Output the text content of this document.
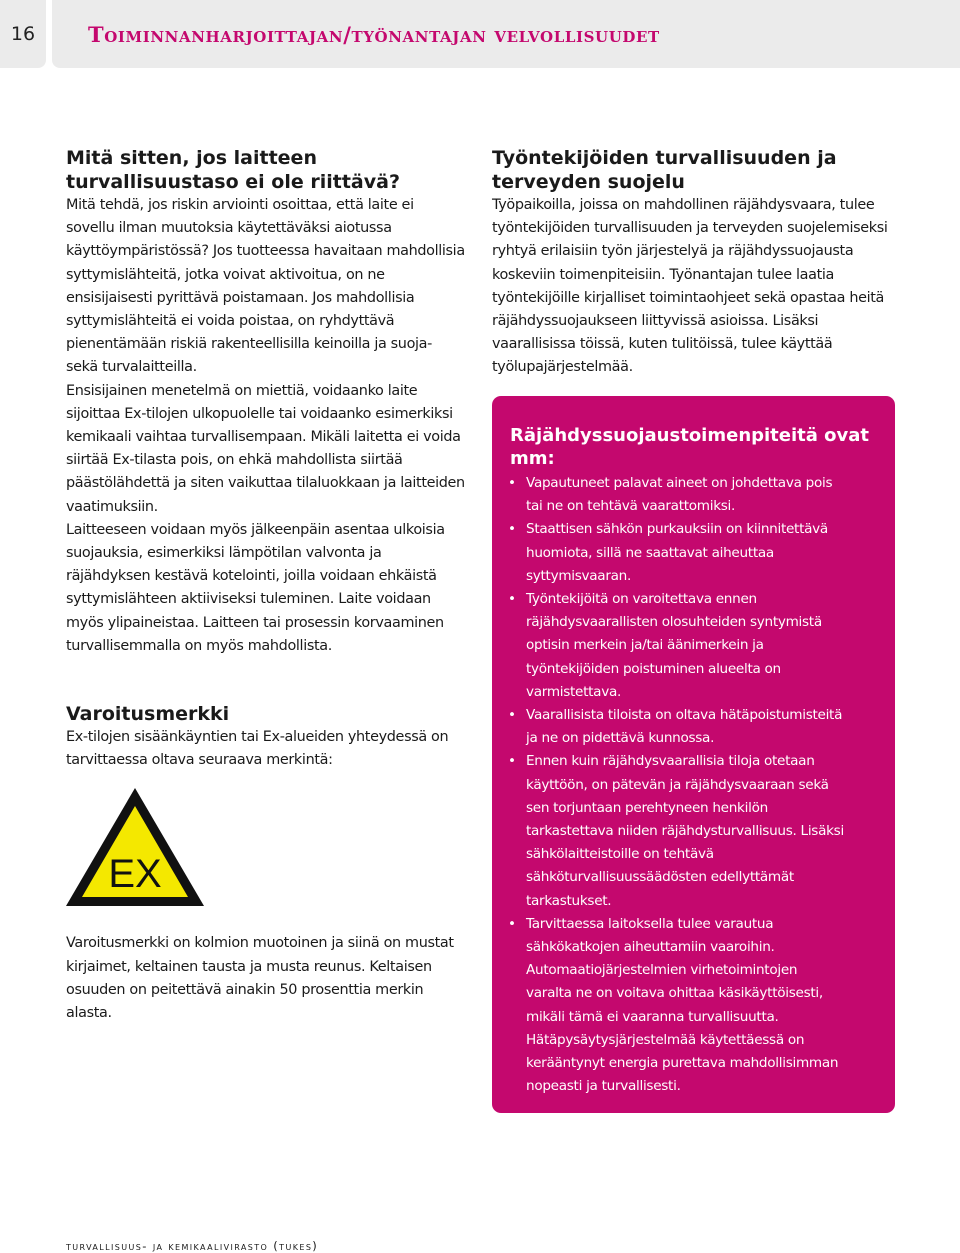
16	Toiminnanharjoittajan/työnantajan velvollisuudet
Mitä sitten, jos laitteen turvallisuustaso ei ole riittävä?

Mitä tehdä, jos riskin arviointi osoittaa, että laite ei sovellu ilman muutoksia käytettäväksi aiotussa käyttöympäristössä? Jos tuotteessa havaitaan mahdollisia syttymislähteitä, jotka voivat aktivoitua, on ne ensisijaisesti pyrittävä poistamaan. Jos mahdollisia syttymislähteitä ei voida poistaa, on ryhdyttävä pienentämään riskiä rakenteellisilla keinoilla ja suoja- sekä turvalaitteilla.

Ensisijainen menetelmä on miettiä, voidaanko laite sijoittaa Ex-tilojen ulkopuolelle tai voidaanko esimerkiksi kemikaali vaihtaa turvallisempaan. Mikäli laitetta ei voida siirtää Ex-tilasta pois, on ehkä mahdollista siirtää päästölähdettä ja siten vaikuttaa tilaluokkaan ja laitteiden vaatimuksiin.

Laitteeseen voidaan myös jälkeenpäin asentaa ulkoisia suojauksia, esimerkiksi lämpötilan valvonta ja räjähdyksen kestävä kotelointi, joilla voidaan ehkäistä syttymislähteen aktiiviseksi tuleminen. Laite voidaan myös ylipaineistaa. Laitteen tai prosessin korvaaminen turvallisemmalla on myös mahdollista.

Varoitusmerkki

Ex-tilojen sisäänkäyntien tai Ex-alueiden yhteydessä on tarvittaessa oltava seuraava merkintä:

EX

Varoitusmerkki on kolmion muotoinen ja siinä on mustat kirjaimet, keltainen tausta ja musta reunus. Keltaisen osuuden on peitettävä ainakin 50 prosenttia merkin alasta.

Työntekijöiden turvallisuuden ja terveyden suojelu

Työpaikoilla, joissa on mahdollinen räjähdysvaara, tulee työntekijöiden turvallisuuden ja terveyden suojelemiseksi ryhtyä erilaisiin työn järjestelyä ja räjähdyssuojausta koskeviin toimenpiteisiin. Työnantajan tulee laatia työntekijöille kirjalliset toimintaohjeet sekä opastaa heitä räjähdyssuojaukseen liittyvissä asioissa. Lisäksi vaarallisissa töissä, kuten tulitöissä, tulee käyttää työlupajärjestelmää.

Räjähdyssuojaustoimenpiteitä ovat mm:
• Vapautuneet palavat aineet on johdettava pois tai ne on tehtävä vaarattomiksi.
• Staattisen sähkön purkauksiin on kiinnitettävä huomiota, sillä ne saattavat aiheuttaa syttymisvaaran.
• Työntekijöitä on varoitettava ennen räjähdysvaarallisten olosuhteiden syntymistä optisin merkein ja/tai äänimerkein ja työntekijöiden poistuminen alueelta on varmistettava.
• Vaarallisista tiloista on oltava hätäpoistumisteitä ja ne on pidettävä kunnossa.
• Ennen kuin räjähdysvaarallisia tiloja otetaan käyttöön, on pätevän ja räjähdysvaaraan sekä sen torjuntaan perehtyneen henkilön tarkastettava niiden räjähdysturvallisuus. Lisäksi sähkölaitteistoille on tehtävä sähköturvallisuussäädösten edellyttämät tarkastukset.
• Tarvittaessa laitoksella tulee varautua sähkökatkojen aiheuttamiin vaaroihin. Automaatiojärjestelmien virhetoimintojen varalta ne on voitava ohittaa käsikäyttöisesti, mikäli tämä ei vaaranna turvallisuutta. Hätäpysäytysjärjestelmää käytettäessä on kerääntynyt energia purettava mahdollisimman nopeasti ja turvallisesti.
turvallisuus- ja kemikaalivirasto (tukes)
